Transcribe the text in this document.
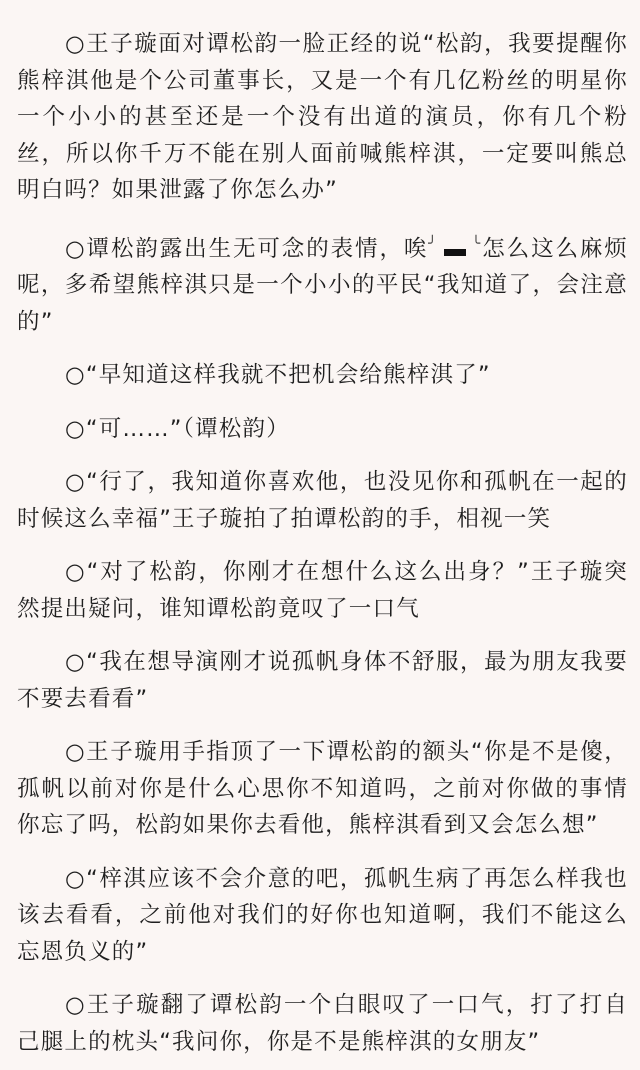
○王子璇面对谭松韵一脸正经的说“松韵，我要提醒你熊梓淇他是个公司董事长，又是一个有几亿粉丝的明星你一个小小的甚至还是一个没有出道的演员，你有几个粉丝，所以你千万不能在别人面前喊熊梓淇，一定要叫熊总明白吗？如果泄露了你怎么办”

○谭松韵露出生无可念的表情，唉╯ ╰怎么这么麻烦呢，多希望熊梓淇只是一个小小的平民“我知道了，会注意的”

○“早知道这样我就不把机会给熊梓淇了”

○“可……”（谭松韵）

○“行了，我知道你喜欢他，也没见你和孤帆在一起的时候这么幸福”王子璇拍了拍谭松韵的手，相视一笑

○“对了松韵，你刚才在想什么这么出身？”王子璇突然提出疑问，谁知谭松韵竟叹了一口气

○“我在想导演刚才说孤帆身体不舒服，最为朋友我要不要去看看”

○王子璇用手指顶了一下谭松韵的额头“你是不是傻，孤帆以前对你是什么心思你不知道吗，之前对你做的事情你忘了吗，松韵如果你去看他，熊梓淇看到又会怎么想”

○“梓淇应该不会介意的吧，孤帆生病了再怎么样我也该去看看，之前他对我们的好你也知道啊，我们不能这么忘恩负义的”

○王子璇翻了谭松韵一个白眼叹了一口气，打了打自己腿上的枕头“我问你，你是不是熊梓淇的女朋友”
